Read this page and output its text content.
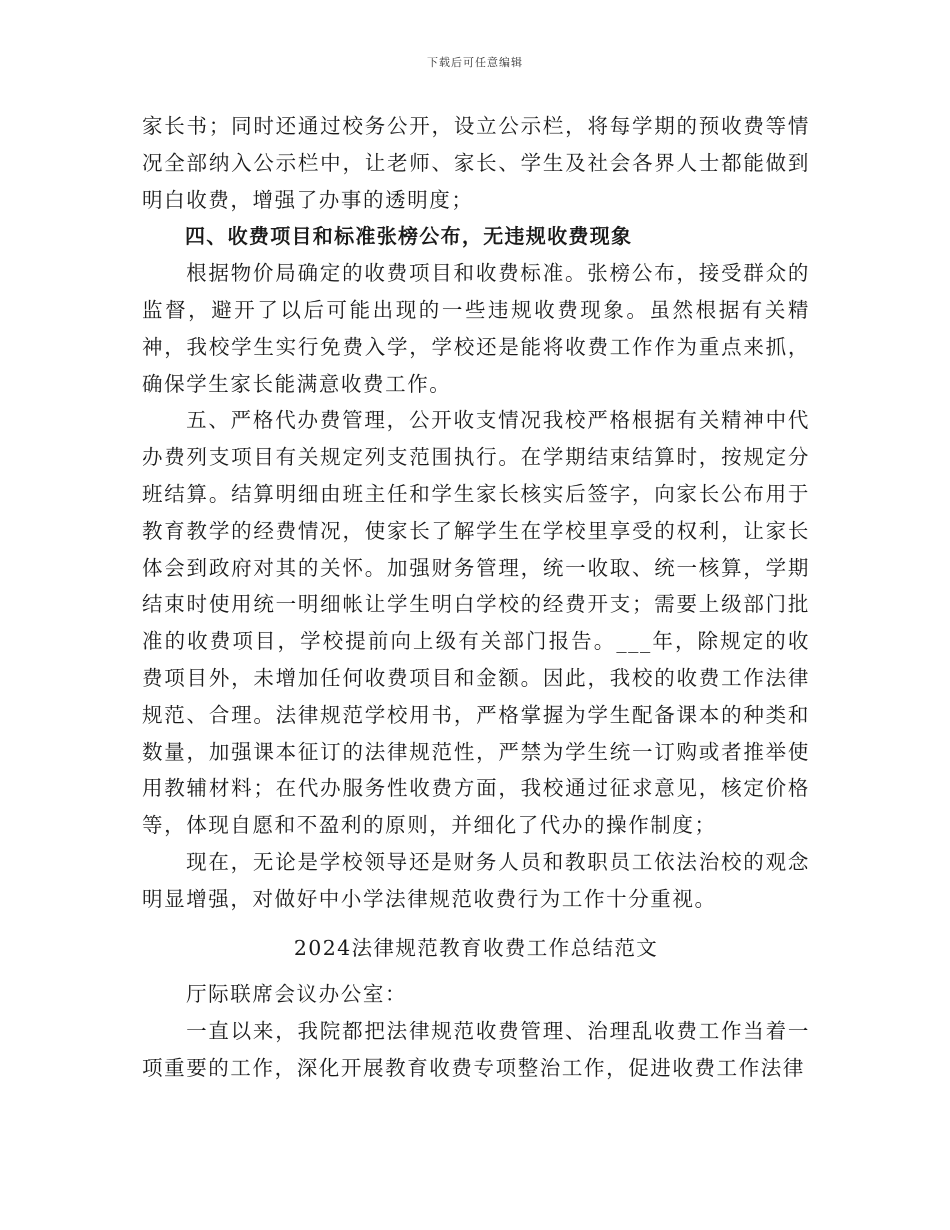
下载后可任意编辑

家长书；同时还通过校务公开，设立公示栏，将每学期的预收费等情况全部纳入公示栏中，让老师、家长、学生及社会各界人士都能做到明白收费，增强了办事的透明度；

四、收费项目和标准张榜公布，无违规收费现象

根据物价局确定的收费项目和收费标准。张榜公布，接受群众的监督，避开了以后可能出现的一些违规收费现象。虽然根据有关精神，我校学生实行免费入学，学校还是能将收费工作作为重点来抓，确保学生家长能满意收费工作。

五、严格代办费管理，公开收支情况我校严格根据有关精神中代办费列支项目有关规定列支范围执行。在学期结束结算时，按规定分班结算。结算明细由班主任和学生家长核实后签字，向家长公布用于教育教学的经费情况，使家长了解学生在学校里享受的权利，让家长体会到政府对其的关怀。加强财务管理，统一收取、统一核算，学期结束时使用统一明细帐让学生明白学校的经费开支；需要上级部门批准的收费项目，学校提前向上级有关部门报告。___年，除规定的收费项目外，未增加任何收费项目和金额。因此，我校的收费工作法律规范、合理。法律规范学校用书，严格掌握为学生配备课本的种类和数量，加强课本征订的法律规范性，严禁为学生统一订购或者推举使用教辅材料；在代办服务性收费方面，我校通过征求意见，核定价格等，体现自愿和不盈利的原则，并细化了代办的操作制度；

现在，无论是学校领导还是财务人员和教职员工依法治校的观念明显增强，对做好中小学法律规范收费行为工作十分重视。

2024法律规范教育收费工作总结范文

厅际联席会议办公室：

一直以来，我院都把法律规范收费管理、治理乱收费工作当着一项重要的工作，深化开展教育收费专项整治工作，促进收费工作法律
